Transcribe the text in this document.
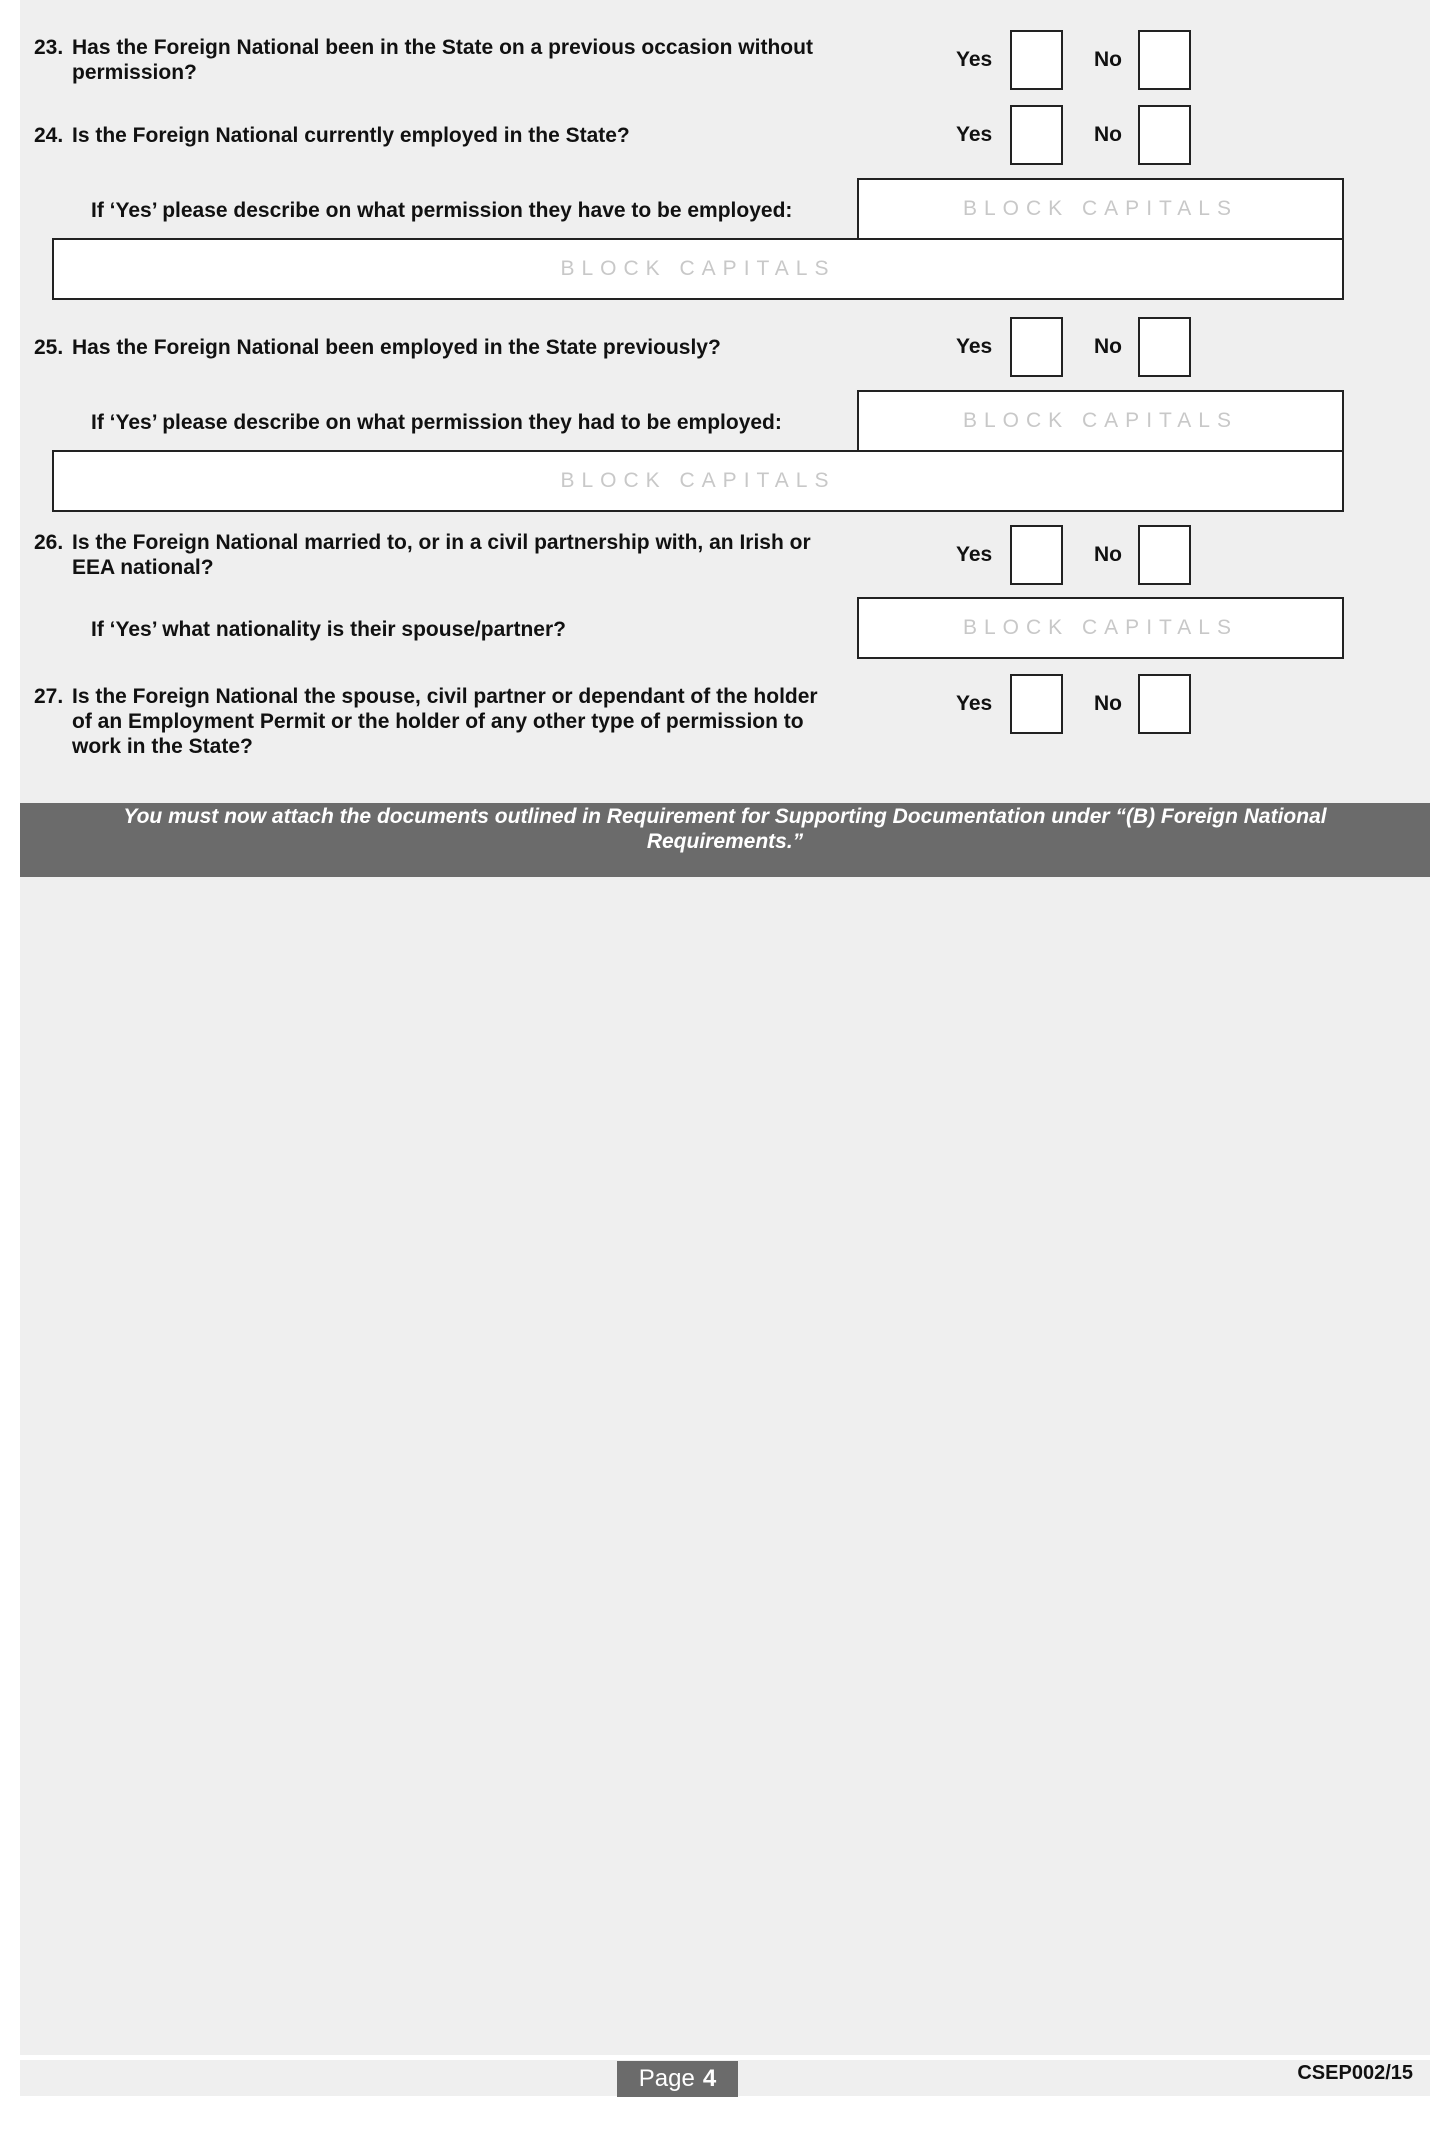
23. Has the Foreign National been in the State on a previous occasion without
permission?
Yes	No
24. Is the Foreign National currently employed in the State?	Yes	No
If ‘Yes’ please describe on what permission they have to be employed:	BLOCK CAPITALS
BLOCK CAPITALS
25. Has the Foreign National been employed in the State previously?	Yes	No
If ‘Yes’ please describe on what permission they had to be employed:	BLOCK CAPITALS
BLOCK CAPITALS
26. Is the Foreign National married to, or in a civil partnership with, an Irish or
EEA national?
Yes	No
If ‘Yes’ what nationality is their spouse/partner?	BLOCK CAPITALS
27. Is the Foreign National the spouse, civil partner or dependant of the holder
of an Employment Permit or the holder of any other type of permission to
work in the State?
Yes	No
You must now attach the documents outlined in Requirement for Supporting Documentation under “(B) Foreign National
Requirements.”
Page 4	CSEP002/15
